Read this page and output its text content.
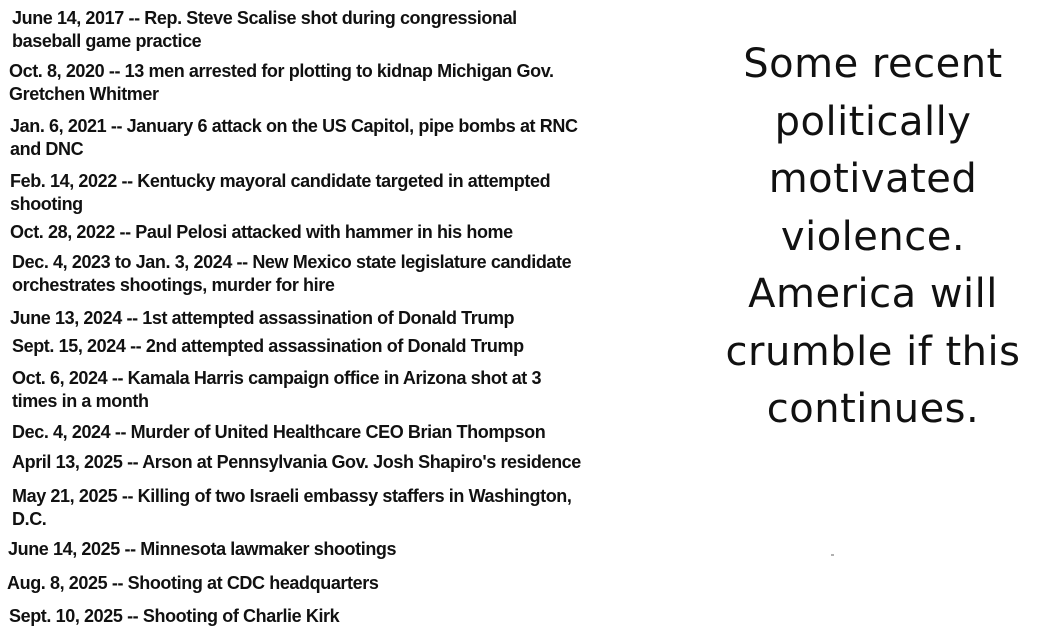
June 14, 2017 -- Rep. Steve Scalise shot during congressional
baseball game practice
Oct. 8, 2020 -- 13 men arrested for plotting to kidnap Michigan Gov.
Gretchen Whitmer
Jan. 6, 2021 -- January 6 attack on the US Capitol, pipe bombs at RNC
and DNC
Feb. 14, 2022 -- Kentucky mayoral candidate targeted in attempted
shooting
Oct. 28, 2022 -- Paul Pelosi attacked with hammer in his home
Dec. 4, 2023 to Jan. 3, 2024 -- New Mexico state legislature candidate
orchestrates shootings, murder for hire
June 13, 2024 -- 1st attempted assassination of Donald Trump
Sept. 15, 2024 -- 2nd attempted assassination of Donald Trump
Oct. 6, 2024 -- Kamala Harris campaign office in Arizona shot at 3
times in a month
Dec. 4, 2024 -- Murder of United Healthcare CEO Brian Thompson
April 13, 2025 -- Arson at Pennsylvania Gov. Josh Shapiro's residence
May 21, 2025 -- Killing of two Israeli embassy staffers in Washington,
D.C.
June 14, 2025 -- Minnesota lawmaker shootings
Aug. 8, 2025 -- Shooting at CDC headquarters
Sept. 10, 2025 -- Shooting of Charlie Kirk
Some recent
politically
motivated
violence.
America will
crumble if this
continues.
